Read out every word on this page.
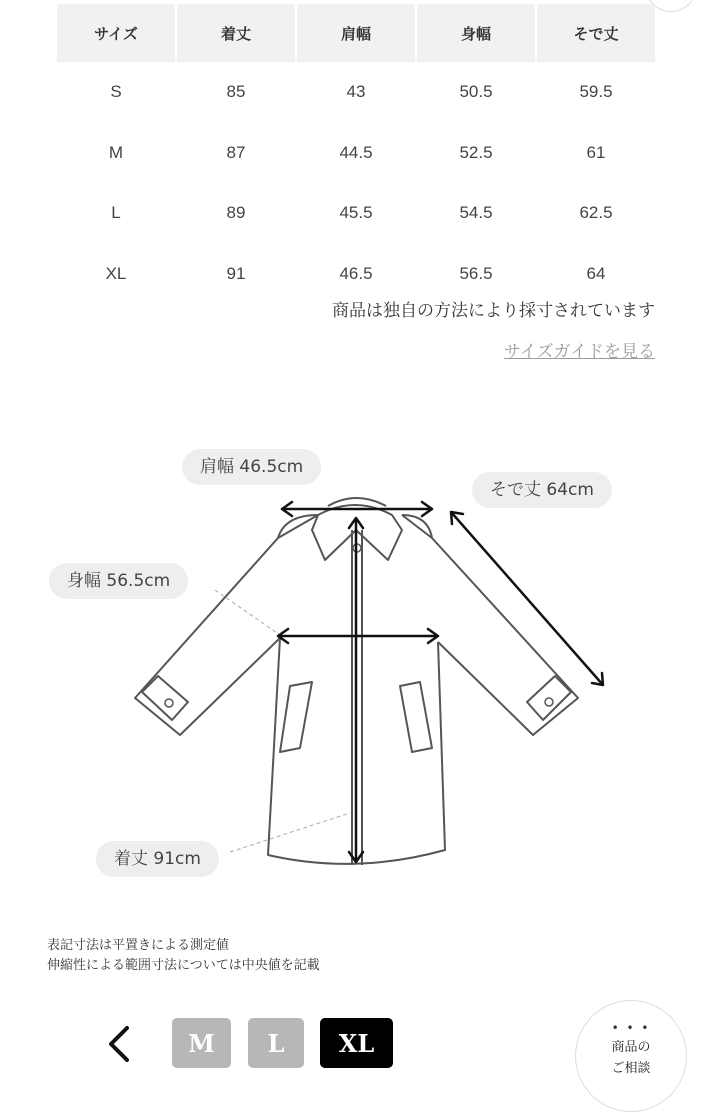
サイズ	着丈	肩幅	身幅	そで丈
S	85	43	50.5	59.5
M	87	44.5	52.5	61
L	89	45.5	54.5	62.5
XL	91	46.5	56.5	64
商品は独自の方法により採寸されています
サイズガイドを見る
肩幅 46.5cm
そで丈 64cm
身幅 56.5cm
着丈 91cm
表記寸法は平置きによる測定値
伸縮性による範囲寸法については中央値を記載
M	L	XL
• • •
商品の
ご相談
